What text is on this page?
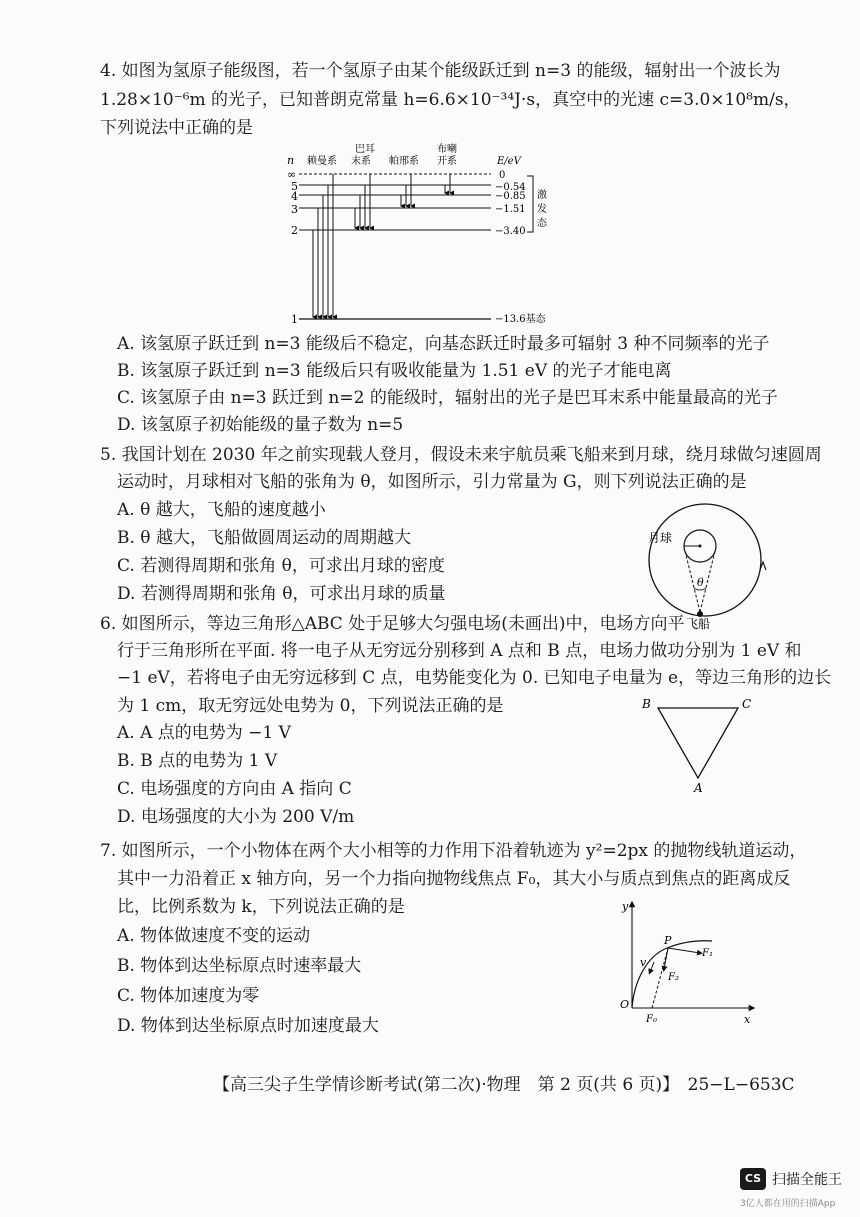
4. 如图为氢原子能级图，若一个氢原子由某个能级跃迁到 n=3 的能级，辐射出一个波长为
1.28×10⁻⁶m 的光子，已知普朗克常量 h=6.6×10⁻³⁴J·s，真空中的光速 c=3.0×10⁸m/s，
下列说法中正确的是
n 赖曼系
巴耳
末系 帕邢系
布喇
开系	E/eV
∞	0
5	−0.54
4	−0.85
3	−1.51
2	−3.40
1	−13.6基态
激
发
态
A. 该氢原子跃迁到 n=3 能级后不稳定，向基态跃迁时最多可辐射 3 种不同频率的光子
B. 该氢原子跃迁到 n=3 能级后只有吸收能量为 1.51 eV 的光子才能电离
C. 该氢原子由 n=3 跃迁到 n=2 的能级时，辐射出的光子是巴耳末系中能量最高的光子
D. 该氢原子初始能级的量子数为 n=5
5. 我国计划在 2030 年之前实现载人登月，假设未来宇航员乘飞船来到月球，绕月球做匀速圆周
运动时，月球相对飞船的张角为 θ，如图所示，引力常量为 G，则下列说法正确的是
A. θ 越大，飞船的速度越小
B. θ 越大，飞船做圆周运动的周期越大
C. 若测得周期和张角 θ，可求出月球的密度
D. 若测得周期和张角 θ，可求出月球的质量
θ
月球
飞船
6. 如图所示，等边三角形△ABC 处于足够大匀强电场(未画出)中，电场方向平
行于三角形所在平面. 将一电子从无穷远分别移到 A 点和 B 点，电场力做功分别为 1 eV 和
−1 eV，若将电子由无穷远移到 C 点，电势能变化为 0. 已知电子电量为 e，等边三角形的边长
为 1 cm，取无穷远处电势为 0，下列说法正确的是
A. A 点的电势为 −1 V
B. B 点的电势为 1 V
C. 电场强度的方向由 A 指向 C
D. 电场强度的大小为 200 V/m
B	C
A
7. 如图所示，一个小物体在两个大小相等的力作用下沿着轨迹为 y²=2px 的抛物线轨道运动，
其中一力沿着正 x 轴方向，另一个力指向抛物线焦点 F₀，其大小与质点到焦点的距离成反
比，比例系数为 k，下列说法正确的是
A. 物体做速度不变的运动
B. 物体到达坐标原点时速率最大
C. 物体加速度为零
D. 物体到达坐标原点时加速度最大
y
x
O
P
v
F₀
F₁
F₂
【高三尖子生学情诊断考试(第二次)·物理　第 2 页(共 6 页)】　25−L−653C
CS 扫描全能王
3亿人都在用的扫描App
